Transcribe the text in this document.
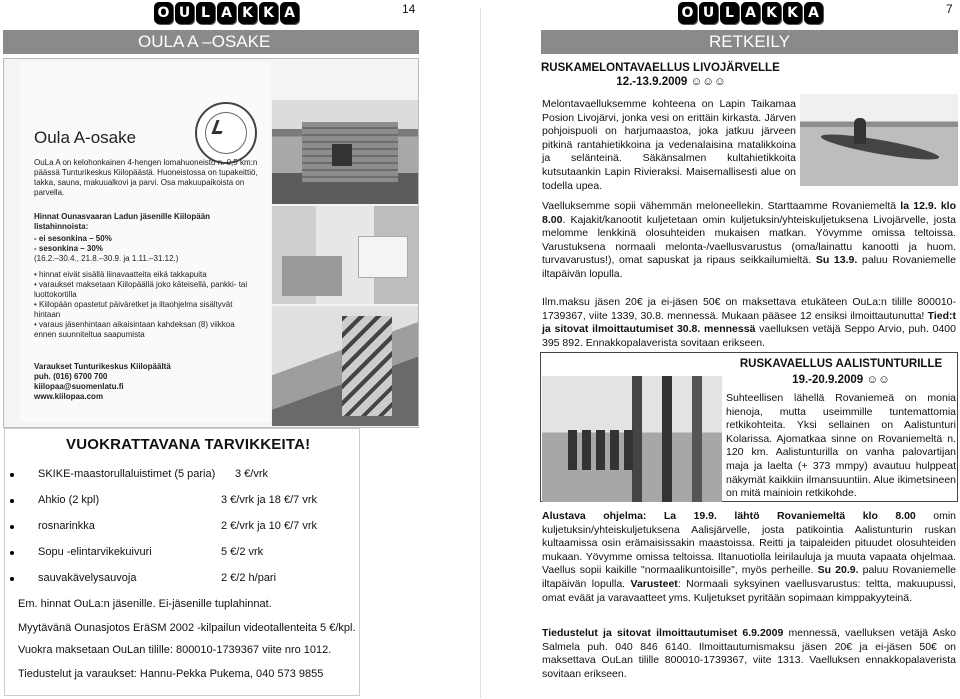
O U L A K K A	14
OULA A –OSAKE
Oula A-osake
OuLa A on kelohonkainen 4-hengen lomahuoneisto n. 0,5 km:n päässä Tunturikeskus Kiilopäästä. Huoneistossa on tupakeittiö, takka, sauna, makuualkovi ja parvi. Osa makuupaikoista on parvella.
Hinnat Ounasvaaran Ladun jäsenille Kiilopään listahinnoista:
- ei sesonkina – 50%
- sesonkina – 30%
(16.2.–30.4., 21.8.–30.9. ja 1.11.–31.12.)
• hinnat eivät sisällä liinavaatteita eikä takkapuita
• varaukset maksetaan Kiilopäällä joko käteisellä, pankki- tai luottokortilla
• Kiilopään opastetut päiväretket ja iltaohjelma sisältyvät hintaan
• varaus jäsenhintaan aikaisintaan kahdeksan (8) viikkoa ennen suunniteltua saapumista
Varaukset Tunturikeskus Kiilopäältä
puh. (016) 6700 700
kiilopaa@suomenlatu.fi
www.kiilopaa.com
VUOKRATTAVANA TARVIKKEITA!
SKIKE-maastorullaluistimet (5 paria)	3 €/vrk
Ahkio (2 kpl)	3 €/vrk ja 18 €/7 vrk
rosnarinkka	2 €/vrk ja 10 €/7 vrk
Sopu -elintarvikekuivuri	5 €/2 vrk
sauvakävelysauvoja	2 €/2 h/pari
Em. hinnat OuLa:n jäsenille. Ei-jäsenille tuplahinnat.
Myytävänä Ounasjotos EräSM 2002 -kilpailun videotallenteita 5 €/kpl.
Vuokra maksetaan OuLan tilille: 800010-1739367 viite nro 1012.
Tiedustelut ja varaukset: Hannu-Pekka Pukema, 040 573 9855
O U L A K K A	7
RETKEILY
RUSKAMELONTAVAELLUS LIVOJÄRVELLE
12.-13.9.2009 ☺☺☺
Melontavaelluksemme kohteena on Lapin Taikamaa Posion Livojärvi, jonka vesi on erittäin kirkasta. Järven pohjoispuoli on harjumaastoa, joka jatkuu järveen pitkinä rantahietikkoina ja vedenalaisina matalikkoina ja selänteinä. Säkänsalmen kultahietikkoita kutsutaankin Lapin Rivieraksi. Maisemallisesti alue on todella upea.
Vaelluksemme sopii vähemmän meloneellekin. Starttaamme Rovaniemeltä la 12.9. klo 8.00. Kajakit/kanootit kuljetetaan omin kuljetuksin/yhteiskuljetuksena Livojärvelle, josta melomme lenkkinä olosuhteiden mukaisen matkan. Yövymme omissa teltoissa. Varustuksena normaali melonta-/vaellusvarustus (oma/lainattu kanootti ja huom. turvavarustus!), omat sapuskat ja ripaus seikkailumieltä. Su 13.9. paluu Rovaniemelle iltapäivän lopulla.
Ilm.maksu jäsen 20€ ja ei-jäsen 50€ on maksettava etukäteen OuLa:n tilille 800010-1739367, viite 1339, 30.8. mennessä. Mukaan pääsee 12 ensiksi ilmoittautunutta! Tied:t ja sitovat ilmoittautumiset 30.8. mennessä vaelluksen vetäjä Seppo Arvio, puh. 0400 395 892. Ennakkopalaverista sovitaan erikseen.
RUSKAVAELLUS AALISTUNTURILLE
19.-20.9.2009 ☺☺
Suhteellisen lähellä Rovaniemeä on monia hienoja, mutta useimmille tuntemattomia retkikohteita. Yksi sellainen on Aalistunturi Kolarissa. Ajomatkaa sinne on Rovaniemeltä n. 120 km. Aalistunturilla on vanha palovartijan maja ja laelta (+ 373 mmpy) avautuu hulppeat näkymät kaikkiin ilmansuuntiin. Alue ikimetsineen on mitä mainioin retkikohde.
Alustava ohjelma: La 19.9. lähtö Rovaniemeltä klo 8.00 omin kuljetuksin/yhteiskuljetuksena Aalisjärvelle, josta patikointia Aalistunturin ruskan kultaamissa osin erämaisissakin maastoissa. Reitti ja taipaleiden pituudet olosuhteiden mukaan. Yövymme omissa teltoissa. Iltanuotiolla leirilauluja ja muuta vapaata ohjelmaa. Vaellus sopii kaikille "normaalikuntoisille", myös perheille. Su 20.9. paluu Rovaniemelle iltapäivän lopulla. Varusteet: Normaali syksyinen vaellusvarustus: teltta, makuupussi, omat eväät ja varavaatteet yms. Kuljetukset pyritään sopimaan kimppakyyteinä.
Tiedustelut ja sitovat ilmoittautumiset 6.9.2009 mennessä, vaelluksen vetäjä Asko Salmela puh. 040 846 6140. Ilmoittautumismaksu jäsen 20€ ja ei-jäsen 50€ on maksettava OuLan tilille 800010-1739367, viite 1313. Vaelluksen ennakkopalaverista sovitaan erikseen.
